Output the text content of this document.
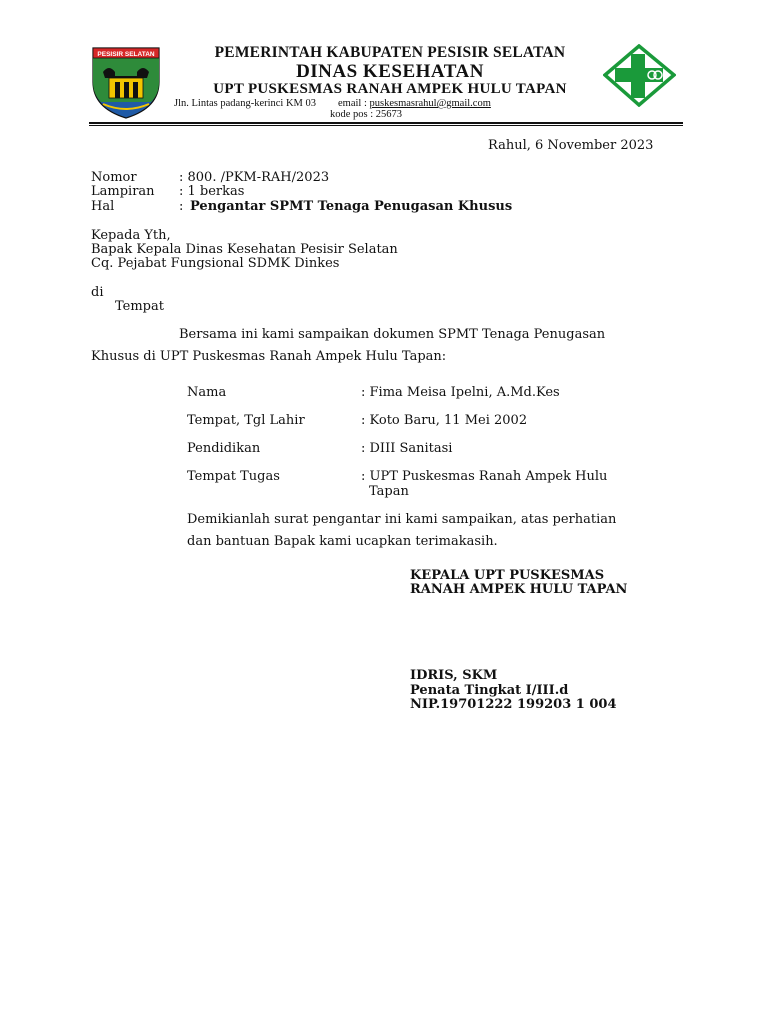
PESISIR SELATAN	PEMERINTAH KABUPATEN PESISIR SELATAN
DINAS KESEHATAN
UPT PUSKESMAS RANAH AMPEK HULU TAPAN
Jln. Lintas padang-kerinci KM 03 email : puskesmasrahul@gmail.com
kode pos : 25673
Rahul, 6 November 2023
Nomor	: 800. /PKM-RAH/2023
Lampiran : 1 berkas
Hal	: Pengantar SPMT Tenaga Penugasan Khusus
Kepada Yth,
Bapak Kepala Dinas Kesehatan Pesisir Selatan
Cq. Pejabat Fungsional SDMK Dinkes
di
Tempat
Bersama ini kami sampaikan dokumen SPMT Tenaga Penugasan
Khusus di UPT Puskesmas Ranah Ampek Hulu Tapan:
Nama	: Fima Meisa Ipelni, A.Md.Kes
Tempat, Tgl Lahir	: Koto Baru, 11 Mei 2002
Pendidikan	: DIII Sanitasi
Tempat Tugas	: UPT Puskesmas Ranah Ampek Hulu
Tapan
Demikianlah surat pengantar ini kami sampaikan, atas perhatian
dan bantuan Bapak kami ucapkan terimakasih.
KEPALA UPT PUSKESMAS
RANAH AMPEK HULU TAPAN
IDRIS, SKM
Penata Tingkat I/III.d
NIP.19701222 199203 1 004
